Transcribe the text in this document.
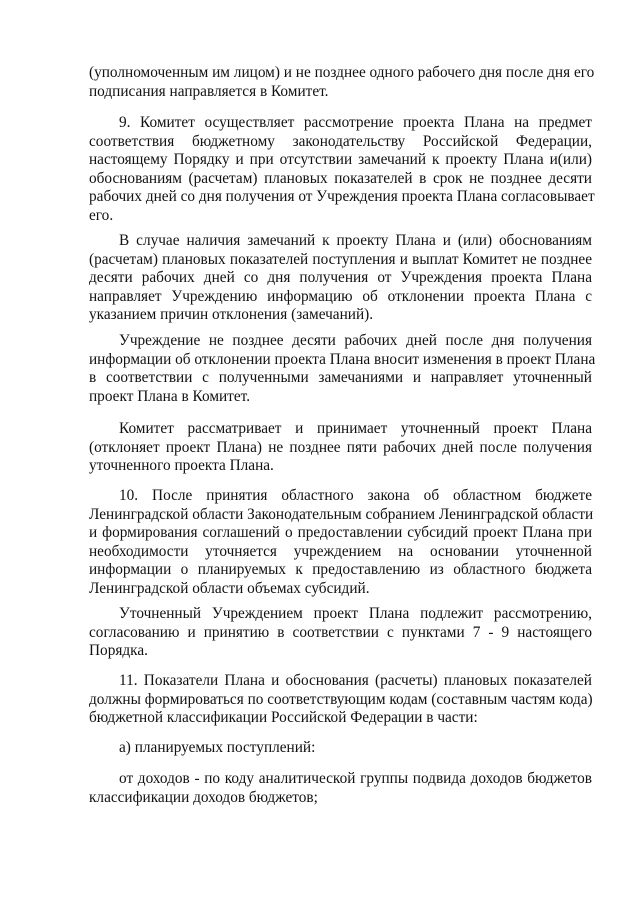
(уполномоченным им лицом) и не позднее одного рабочего дня после дня его
подписания направляется в Комитет.
9. Комитет осуществляет рассмотрение проекта Плана на предмет
соответствия бюджетному законодательству Российской Федерации,
настоящему Порядку и при отсутствии замечаний к проекту Плана и(или)
обоснованиям (расчетам) плановых показателей в срок не позднее десяти
рабочих дней со дня получения от Учреждения проекта Плана согласовывает
его.
В случае наличия замечаний к проекту Плана и (или) обоснованиям
(расчетам) плановых показателей поступления и выплат Комитет не позднее
десяти рабочих дней со дня получения от Учреждения проекта Плана
направляет Учреждению информацию об отклонении проекта Плана с
указанием причин отклонения (замечаний).
Учреждение не позднее десяти рабочих дней после дня получения
информации об отклонении проекта Плана вносит изменения в проект Плана
в соответствии с полученными замечаниями и направляет уточненный
проект Плана в Комитет.
Комитет рассматривает и принимает уточненный проект Плана
(отклоняет проект Плана) не позднее пяти рабочих дней после получения
уточненного проекта Плана.
10. После принятия областного закона об областном бюджете
Ленинградской области Законодательным собранием Ленинградской области
и формирования соглашений о предоставлении субсидий проект Плана при
необходимости уточняется учреждением на основании уточненной
информации о планируемых к предоставлению из областного бюджета
Ленинградской области объемах субсидий.
Уточненный Учреждением проект Плана подлежит рассмотрению,
согласованию и принятию в соответствии с пунктами 7 - 9 настоящего
Порядка.
11. Показатели Плана и обоснования (расчеты) плановых показателей
должны формироваться по соответствующим кодам (составным частям кода)
бюджетной классификации Российской Федерации в части:
а) планируемых поступлений:
от доходов - по коду аналитической группы подвида доходов бюджетов
классификации доходов бюджетов;
